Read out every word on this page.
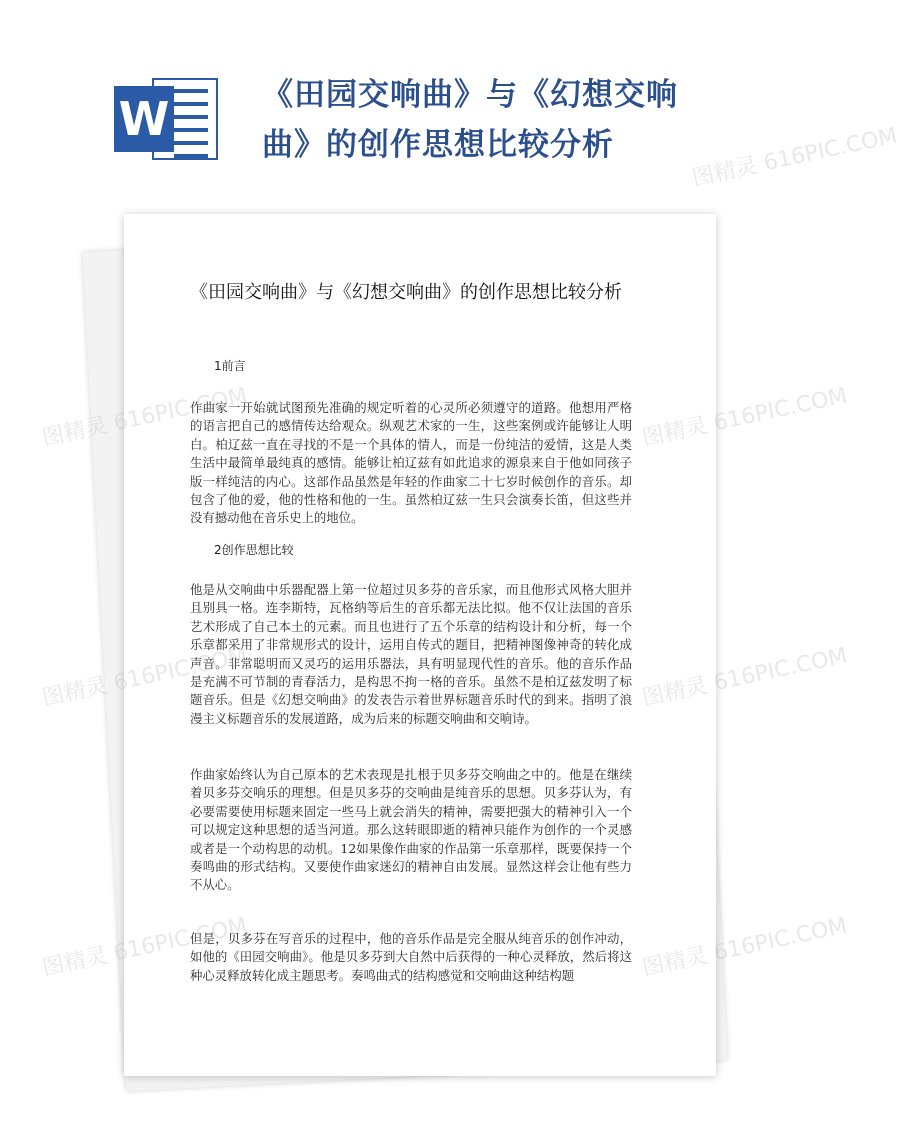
W	《田园交响曲》与《幻想交响曲》的创作思想比较分析
《田园交响曲》与《幻想交响曲》的创作思想比较分析
1前言
作曲家一开始就试图预先准确的规定听着的心灵所必须遵守的道路。他想用严格的语言把自己的感情传达给观众。纵观艺术家的一生，这些案例或许能够让人明白。柏辽兹一直在寻找的不是一个具体的情人，而是一份纯洁的爱情，这是人类生活中最简单最纯真的感情。能够让柏辽兹有如此追求的源泉来自于他如同孩子版一样纯洁的内心。这部作品虽然是年轻的作曲家二十七岁时候创作的音乐。却包含了他的爱，他的性格和他的一生。虽然柏辽兹一生只会演奏长笛，但这些并没有撼动他在音乐史上的地位。
2创作思想比较
他是从交响曲中乐器配器上第一位超过贝多芬的音乐家，而且他形式风格大胆并且别具一格。连李斯特，瓦格纳等后生的音乐都无法比拟。他不仅让法国的音乐艺术形成了自己本土的元素。而且也进行了五个乐章的结构设计和分析，每一个乐章都采用了非常规形式的设计，运用自传式的题目，把精神图像神奇的转化成声音。非常聪明而又灵巧的运用乐器法，具有明显现代性的音乐。他的音乐作品是充满不可节制的青春活力，是构思不拘一格的音乐。虽然不是柏辽兹发明了标题音乐。但是《幻想交响曲》的发表告示着世界标题音乐时代的到来。指明了浪漫主义标题音乐的发展道路，成为后来的标题交响曲和交响诗。
作曲家始终认为自己原本的艺术表现是扎根于贝多芬交响曲之中的。他是在继续着贝多芬交响乐的理想。但是贝多芬的交响曲是纯音乐的思想。贝多芬认为，有必要需要使用标题来固定一些马上就会消失的精神，需要把强大的精神引入一个可以规定这种思想的适当河道。那么这转眼即逝的精神只能作为创作的一个灵感或者是一个动构思的动机。12如果像作曲家的作品第一乐章那样，既要保持一个奏鸣曲的形式结构。又要使作曲家迷幻的精神自由发展。显然这样会让他有些力不从心。
但是，贝多芬在写音乐的过程中，他的音乐作品是完全服从纯音乐的创作冲动，如他的《田园交响曲》。他是贝多芬到大自然中后获得的一种心灵释放，然后将这种心灵释放转化成主题思考。奏鸣曲式的结构感觉和交响曲这种结构题
图精灵 616PIC.COM
图精灵 616PIC.COM	图精灵 616PIC.COM
图精灵 616PIC.COM	图精灵 616PIC.COM
图精灵 616PIC.COM	图精灵 616PIC.COM
